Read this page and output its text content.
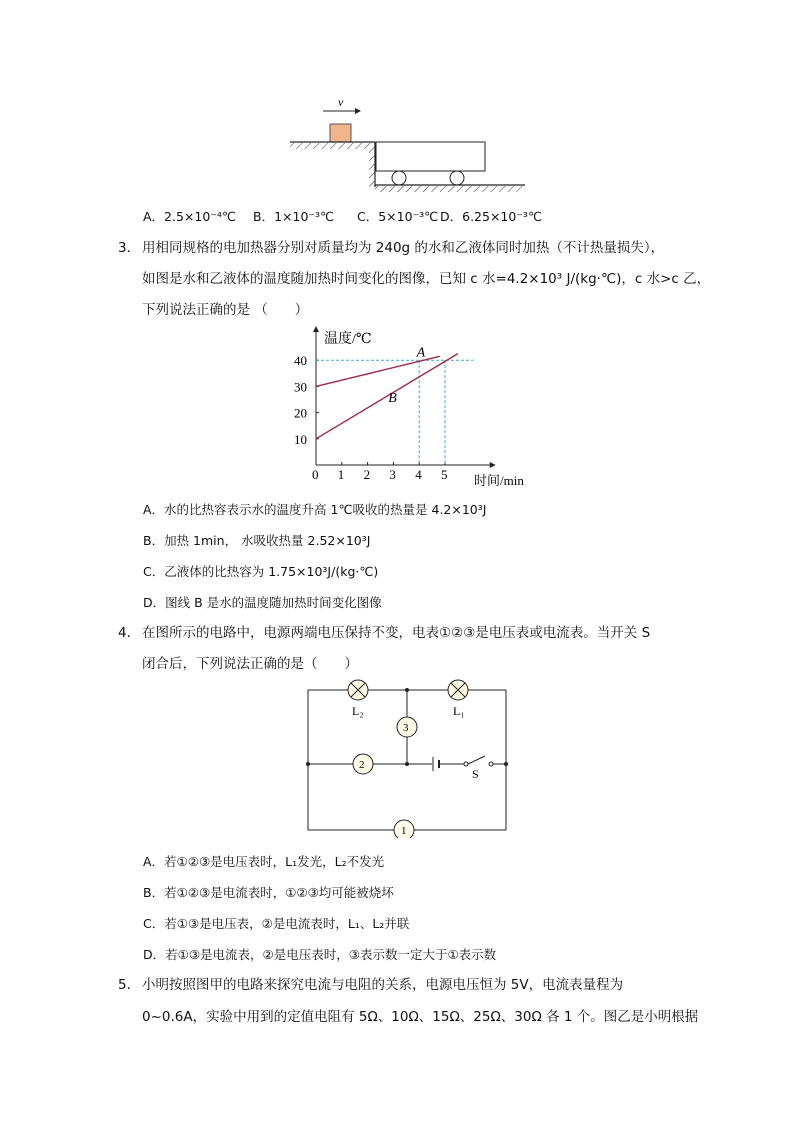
v
A．2.5×10⁻⁴℃ B．1×10⁻³℃ C．5×10⁻³℃ D．6.25×10⁻³℃
3． 用相同规格的电加热器分别对质量均为 240g 的水和乙液体同时加热（不计热量损失），
如图是水和乙液体的温度随加热时间变化的图像，已知 c 水=4.2×10³ J/(kg·℃)，c 水>c 乙，
下列说法正确的是 （　　）
温度/℃
时间/min
0 1 2 3 4 5
10
20
30
40
A
B
A．水的比热容表示水的温度升高 1℃吸收的热量是 4.2×10³J
B．加热 1min， 水吸收热量 2.52×10³J
C．乙液体的比热容为 1.75×10³J/(kg·℃)
D．图线 B 是水的温度随加热时间变化图像
4． 在图所示的电路中，电源两端电压保持不变，电表①②③是电压表或电流表。当开关 S
闭合后，下列说法正确的是（　　）
S
L₂	L₁
3
2
1
A．若①②③是电压表时，L₁发光，L₂不发光
B．若①②③是电流表时，①②③均可能被烧坏
C．若①③是电压表，②是电流表时，L₁、L₂并联
D．若①③是电流表，②是电压表时，③表示数一定大于①表示数
5． 小明按照图甲的电路来探究电流与电阻的关系，电源电压恒为 5V，电流表量程为
0~0.6A，实验中用到的定值电阻有 5Ω、10Ω、15Ω、25Ω、30Ω 各 1 个。图乙是小明根据
